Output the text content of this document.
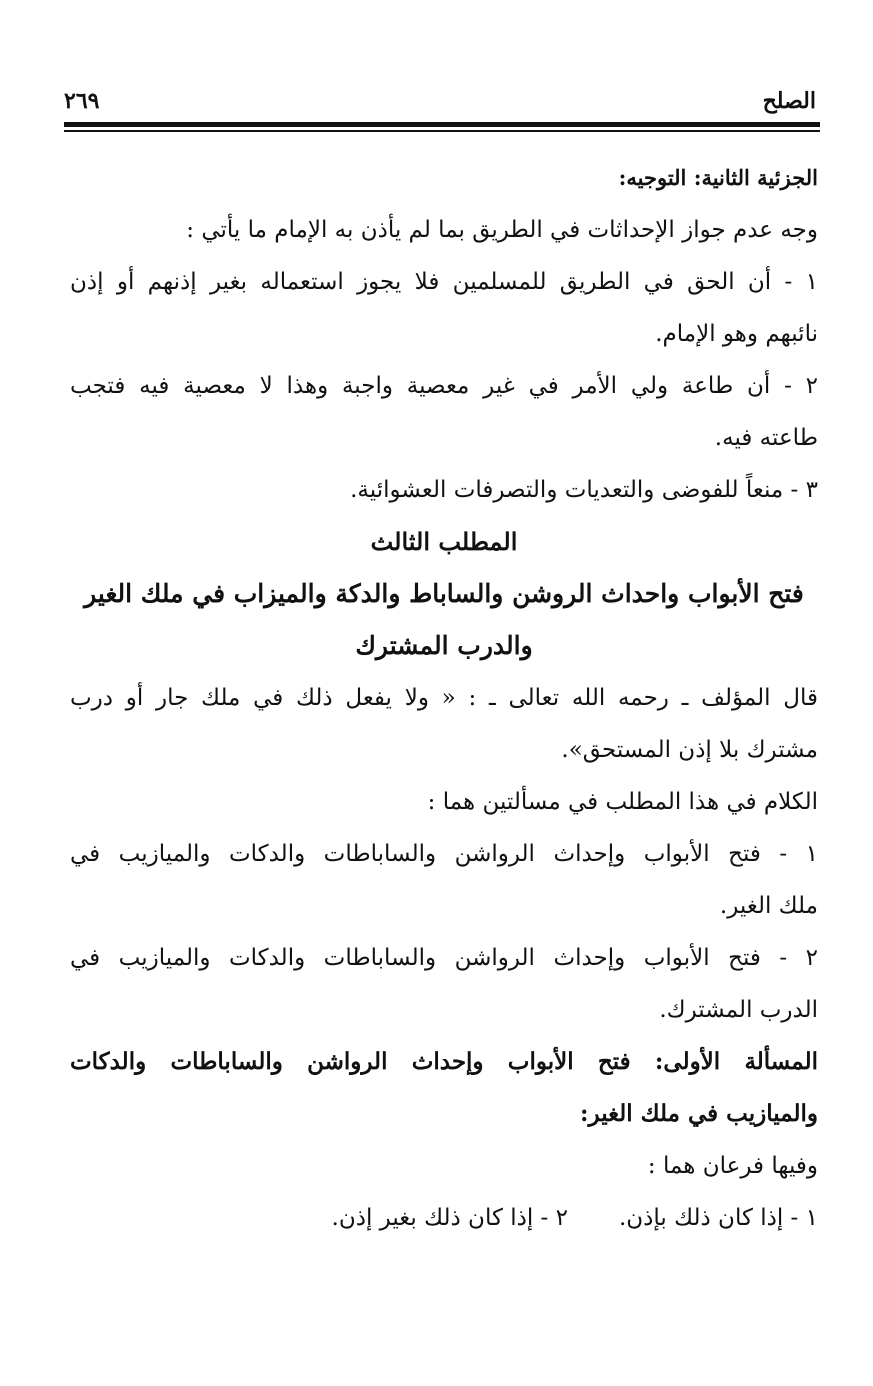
الصلح
٢٦٩

الجزئية الثانية: التوجيه:

وجه عدم جواز الإحداثات في الطريق بما لم يأذن به الإمام ما يأتي :

١ - أن الحق في الطريق للمسلمين فلا يجوز استعماله بغير إذنهم أو إذن

نائبهم وهو الإمام.

٢ - أن طاعة ولي الأمر في غير معصية واجبة وهذا لا معصية فيه فتجب

طاعته فيه.

٣ - منعاً للفوضى والتعديات والتصرفات العشوائية.

المطلب الثالث

فتح الأبواب واحداث الروشن والساباط والدكة والميزاب في ملك الغير

والدرب المشترك

قال المؤلف ـ رحمه الله تعالى ـ : « ولا يفعل ذلك في ملك جار أو درب

مشترك بلا إذن المستحق».

الكلام في هذا المطلب في مسألتين هما :

١ - فتح الأبواب وإحداث الرواشن والساباطات والدكات والميازيب في

ملك الغير.

٢ - فتح الأبواب وإحداث الرواشن والساباطات والدكات والميازيب في

الدرب المشترك.

المسألة الأولى: فتح الأبواب وإحداث الرواشن والساباطات والدكات

والميازيب في ملك الغير:

وفيها فرعان هما :

١ - إذا كان ذلك بإذن.
٢ - إذا كان ذلك بغير إذن.
